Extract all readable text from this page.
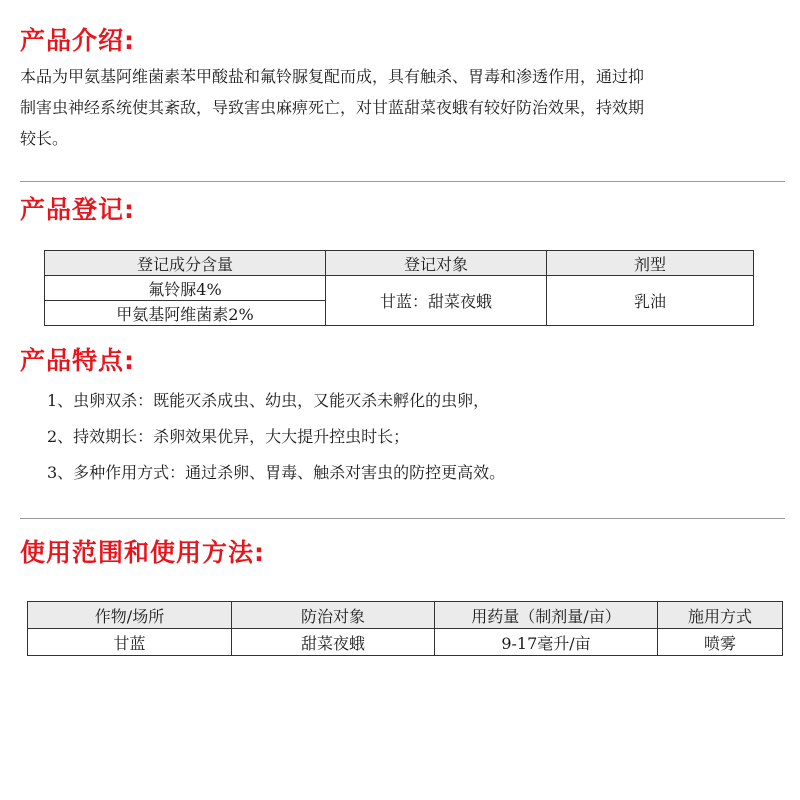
产品介绍:
本品为甲氨基阿维菌素苯甲酸盐和氟铃脲复配而成，具有触杀、胃毒和渗透作用，通过抑
制害虫神经系统使其紊敌，导致害虫麻痹死亡，对甘蓝甜菜夜蛾有较好防治效果，持效期
较长。
产品登记:
登记成分含量	登记对象	剂型
氟铃脲4%	甘蓝：甜菜夜蛾	乳油
甲氨基阿维菌素2%		
产品特点:
1、虫卵双杀：既能灭杀成虫、幼虫，又能灭杀未孵化的虫卵，
2、持效期长：杀卵效果优异，大大提升控虫时长；
3、多种作用方式：通过杀卵、胃毒、触杀对害虫的防控更高效。
使用范围和使用方法:
作物/场所	防治对象	用药量（制剂量/亩）	施用方式
甘蓝	甜菜夜蛾	9-17毫升/亩	喷雾
